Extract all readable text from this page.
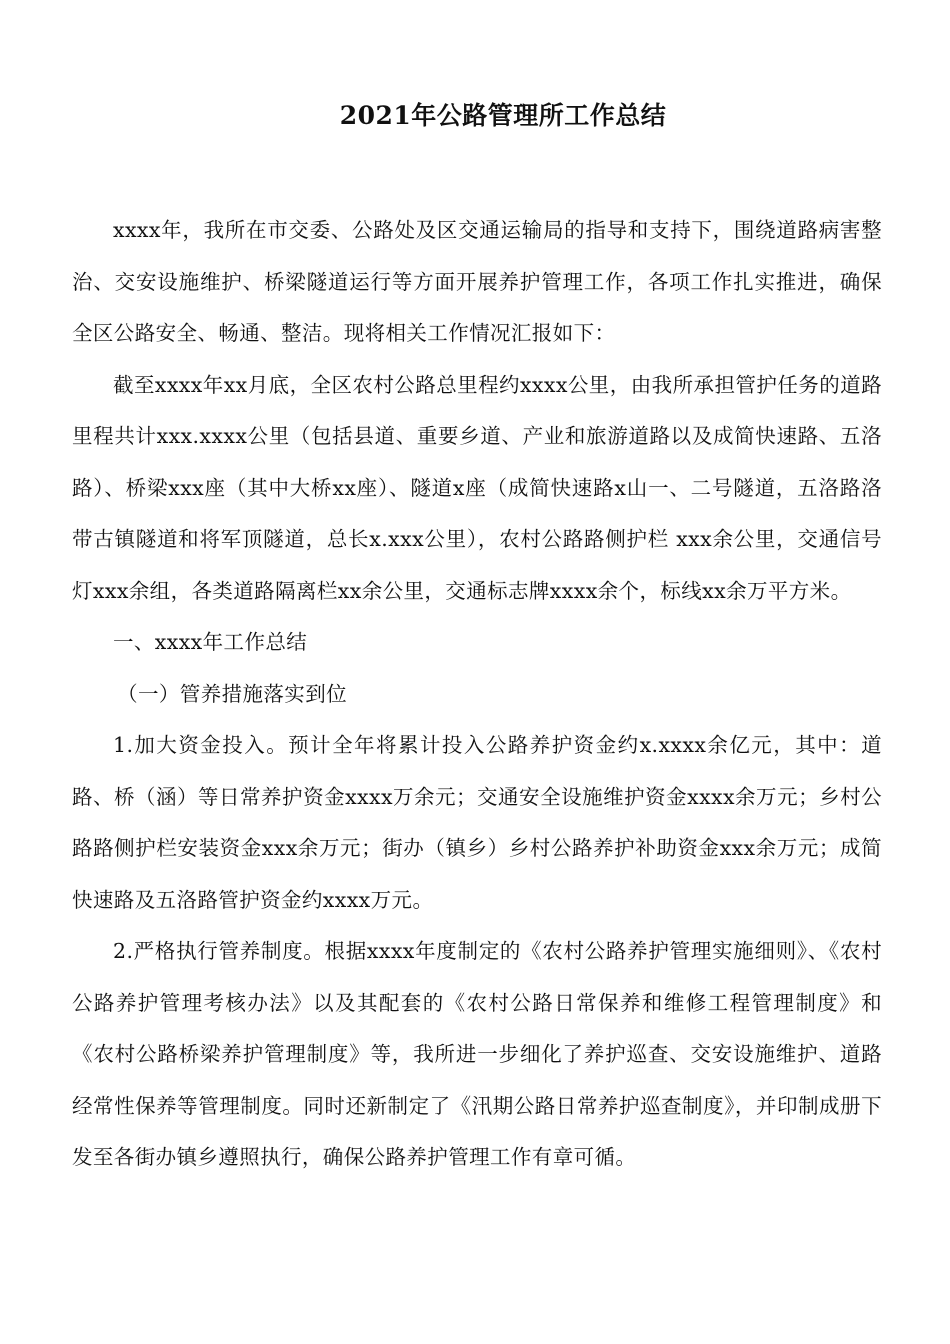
2021年公路管理所工作总结

xxxx年，我所在市交委、公路处及区交通运输局的指导和支持下，围绕道路病害整治、交安设施维护、桥梁隧道运行等方面开展养护管理工作，各项工作扎实推进，确保全区公路安全、畅通、整洁。现将相关工作情况汇报如下：

截至xxxx年xx月底，全区农村公路总里程约xxxx公里，由我所承担管护任务的道路里程共计xxx.xxxx公里（包括县道、重要乡道、产业和旅游道路以及成简快速路、五洛路）、桥梁xxx座（其中大桥xx座）、隧道x座（成简快速路x山一、二号隧道，五洛路洛带古镇隧道和将军顶隧道，总长x.xxx公里），农村公路路侧护栏 xxx余公里，交通信号灯xxx余组，各类道路隔离栏xx余公里，交通标志牌xxxx余个，标线xx余万平方米。

一、xxxx年工作总结

（一）管养措施落实到位

1.加大资金投入。预计全年将累计投入公路养护资金约x.xxxx余亿元，其中：道路、桥（涵）等日常养护资金xxxx万余元；交通安全设施维护资金xxxx余万元；乡村公路路侧护栏安装资金xxx余万元；街办（镇乡）乡村公路养护补助资金xxx余万元；成简快速路及五洛路管护资金约xxxx万元。

2.严格执行管养制度。根据xxxx年度制定的《农村公路养护管理实施细则》、《农村公路养护管理考核办法》以及其配套的《农村公路日常保养和维修工程管理制度》和《农村公路桥梁养护管理制度》等，我所进一步细化了养护巡查、交安设施维护、道路经常性保养等管理制度。同时还新制定了《汛期公路日常养护巡查制度》，并印制成册下发至各街办镇乡遵照执行，确保公路养护管理工作有章可循。
